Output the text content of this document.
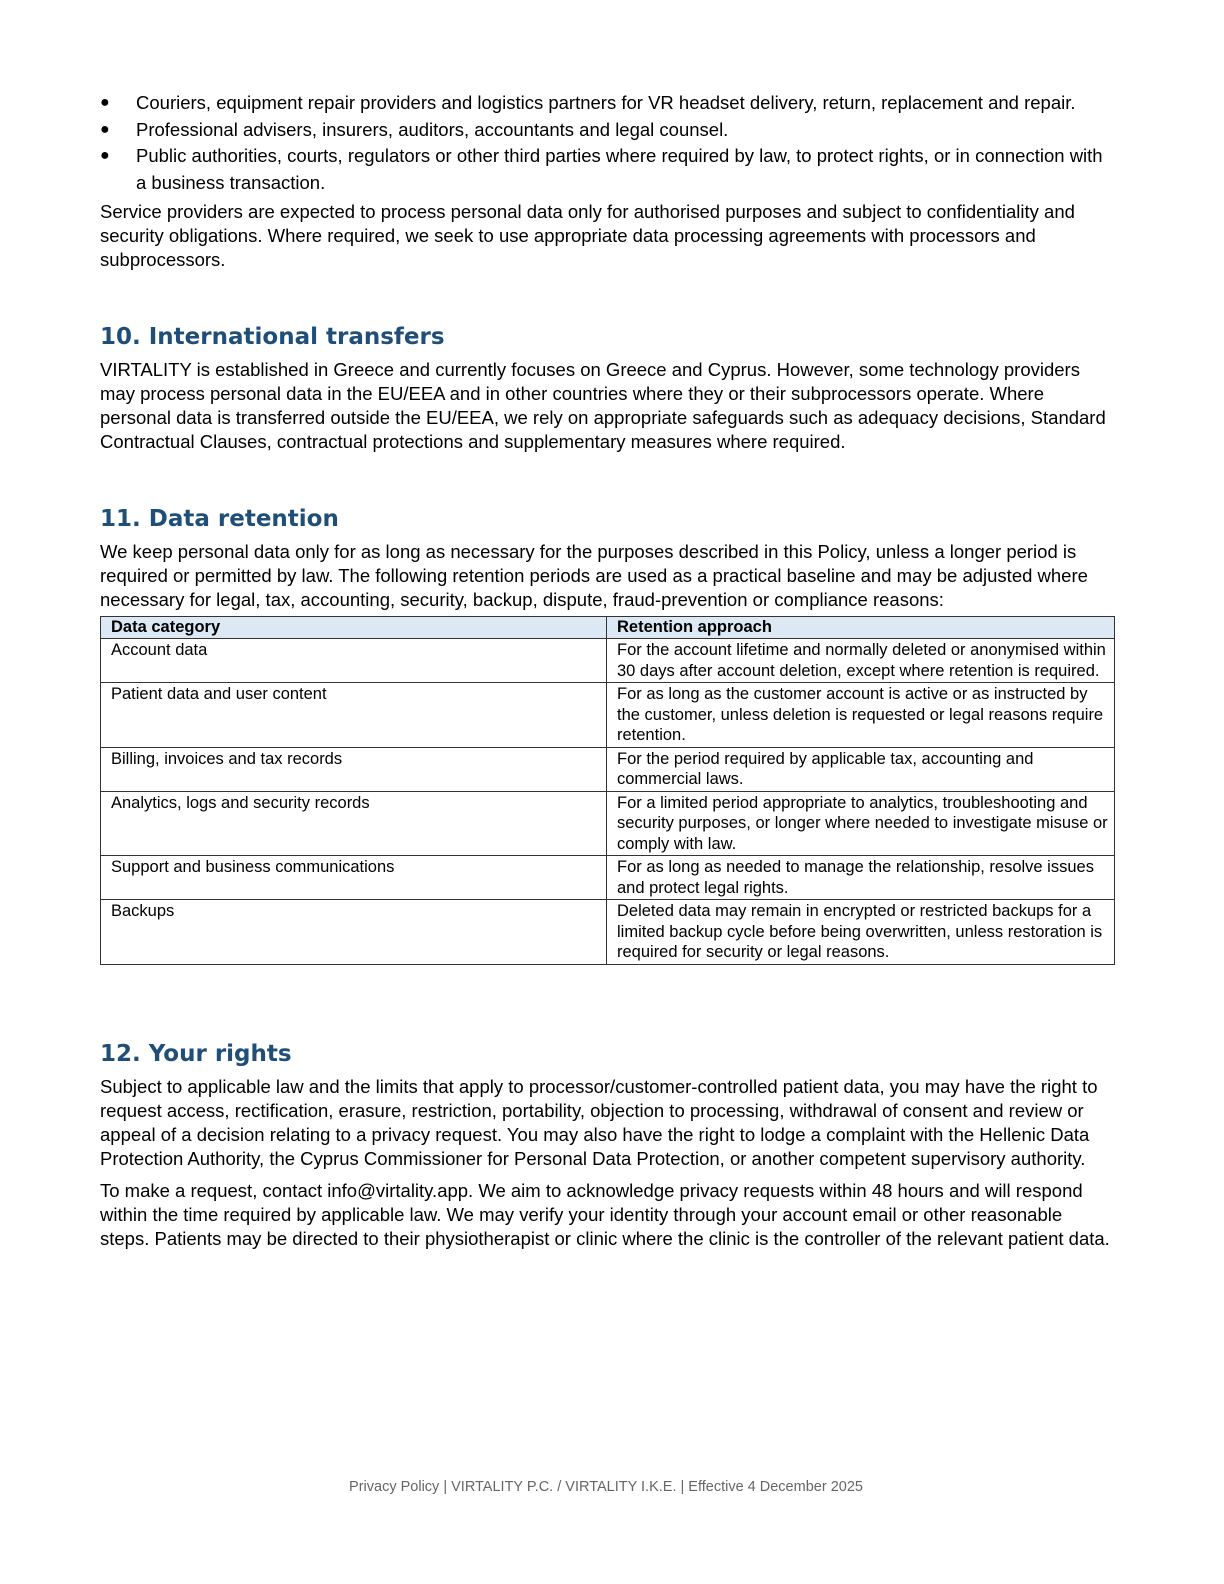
● Couriers, equipment repair providers and logistics partners for VR headset delivery, return, replacement and repair.
● Professional advisers, insurers, auditors, accountants and legal counsel.
● Public authorities, courts, regulators or other third parties where required by law, to protect rights, or in connection with a business transaction.

Service providers are expected to process personal data only for authorised purposes and subject to confidentiality and security obligations. Where required, we seek to use appropriate data processing agreements with processors and subprocessors.

10. International transfers

VIRTALITY is established in Greece and currently focuses on Greece and Cyprus. However, some technology providers may process personal data in the EU/EEA and in other countries where they or their subprocessors operate. Where personal data is transferred outside the EU/EEA, we rely on appropriate safeguards such as adequacy decisions, Standard Contractual Clauses, contractual protections and supplementary measures where required.

11. Data retention

We keep personal data only for as long as necessary for the purposes described in this Policy, unless a longer period is required or permitted by law. The following retention periods are used as a practical baseline and may be adjusted where necessary for legal, tax, accounting, security, backup, dispute, fraud-prevention or compliance reasons:

Data category	Retention approach
Account data	For the account lifetime and normally deleted or anonymised within 30 days after account deletion, except where retention is required.
Patient data and user content	For as long as the customer account is active or as instructed by the customer, unless deletion is requested or legal reasons require retention.
Billing, invoices and tax records	For the period required by applicable tax, accounting and commercial laws.
Analytics, logs and security records	For a limited period appropriate to analytics, troubleshooting and security purposes, or longer where needed to investigate misuse or comply with law.
Support and business communications	For as long as needed to manage the relationship, resolve issues and protect legal rights.
Backups	Deleted data may remain in encrypted or restricted backups for a limited backup cycle before being overwritten, unless restoration is required for security or legal reasons.
12. Your rights

Subject to applicable law and the limits that apply to processor/customer-controlled patient data, you may have the right to request access, rectification, erasure, restriction, portability, objection to processing, withdrawal of consent and review or appeal of a decision relating to a privacy request. You may also have the right to lodge a complaint with the Hellenic Data Protection Authority, the Cyprus Commissioner for Personal Data Protection, or another competent supervisory authority.

To make a request, contact info@virtality.app. We aim to acknowledge privacy requests within 48 hours and will respond within the time required by applicable law. We may verify your identity through your account email or other reasonable steps. Patients may be directed to their physiotherapist or clinic where the clinic is the controller of the relevant patient data.

Privacy Policy | VIRTALITY P.C. / VIRTALITY I.K.E. | Effective 4 December 2025
